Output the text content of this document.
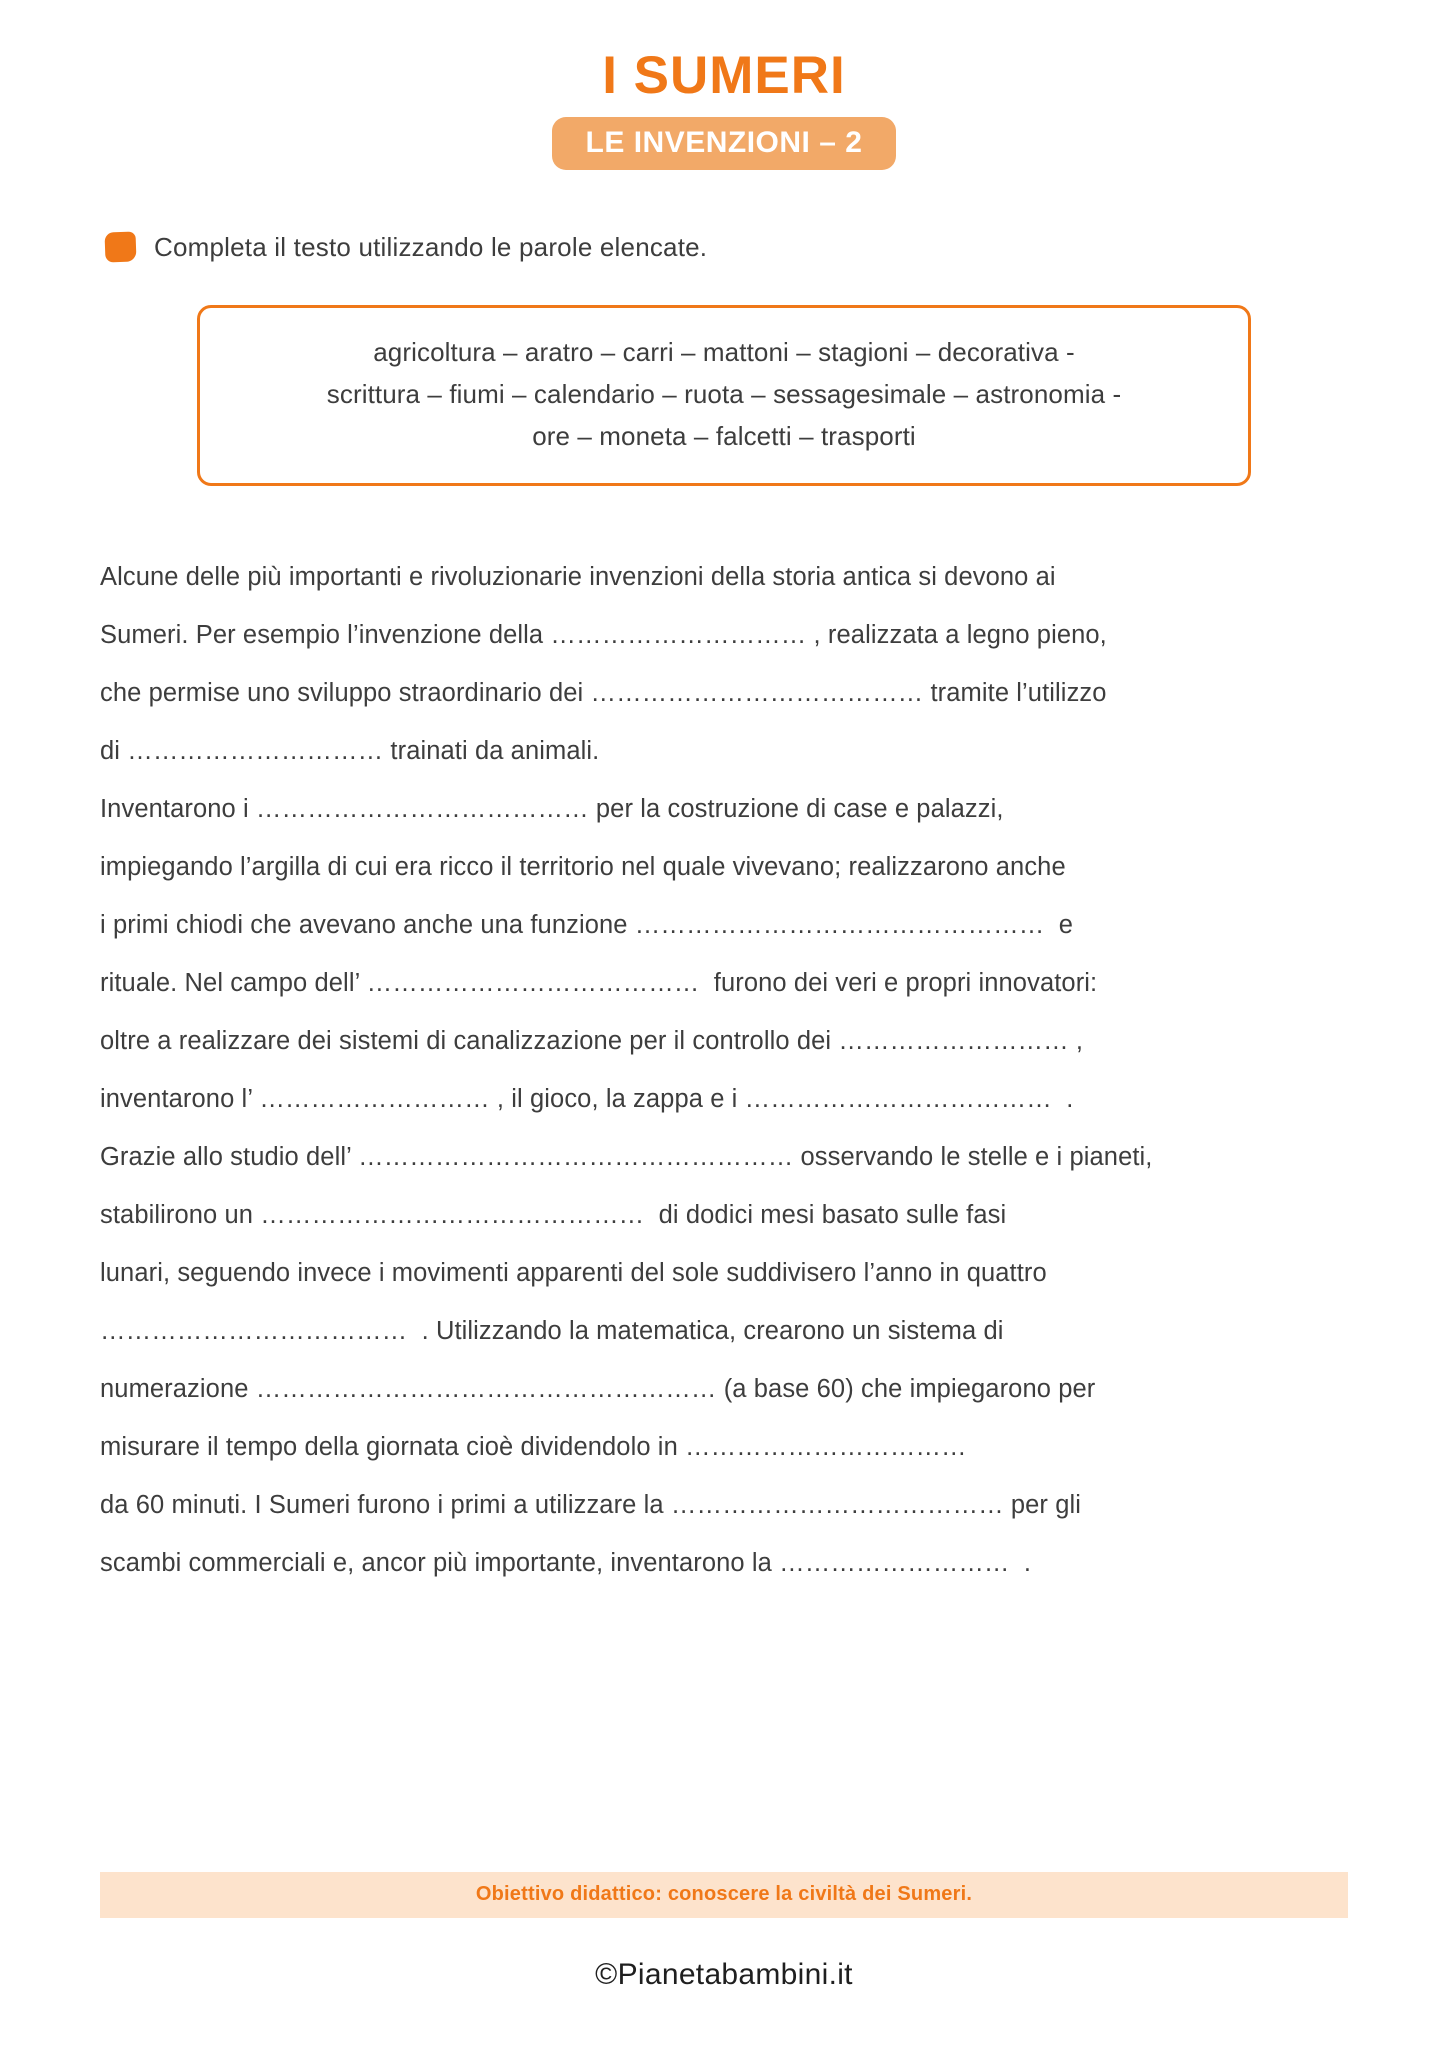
I SUMERI
LE INVENZIONI – 2
Completa il testo utilizzando le parole elencate.
agricoltura – aratro – carri – mattoni – stagioni – decorativa -
scrittura – fiumi – calendario – ruota – sessagesimale – astronomia -
ore – moneta – falcetti – trasporti
Alcune delle più importanti e rivoluzionarie invenzioni della storia antica si devono ai
Sumeri. Per esempio l’invenzione della ………………………… , realizzata a legno pieno,
che permise uno sviluppo straordinario dei ………………………………… tramite l’utilizzo
di ………………………… trainati da animali.
Inventarono i ………………………………… per la costruzione di case e palazzi,
impiegando l’argilla di cui era ricco il territorio nel quale vivevano; realizzarono anche
i primi chiodi che avevano anche una funzione …………………………………………  e
rituale. Nel campo dell’ …………………………………  furono dei veri e propri innovatori:
oltre a realizzare dei sistemi di canalizzazione per il controllo dei ……………………… ,
inventarono l’ ……………………… , il gioco, la zappa e i ………………………………  .
Grazie allo studio dell’ …………………………………………… osservando le stelle e i pianeti,
stabilirono un ………………………………………  di dodici mesi basato sulle fasi
lunari, seguendo invece i movimenti apparenti del sole suddivisero l’anno in quattro
………………………………  . Utilizzando la matematica, crearono un sistema di
numerazione ……………………………………………… (a base 60) che impiegarono per
misurare il tempo della giornata cioè dividendolo in ……………………………
da 60 minuti. I Sumeri furono i primi a utilizzare la ………………………………… per gli
scambi commerciali e, ancor più importante, inventarono la ………………………  .
Obiettivo didattico: conoscere la civiltà dei Sumeri.
©Pianetabambini.it
